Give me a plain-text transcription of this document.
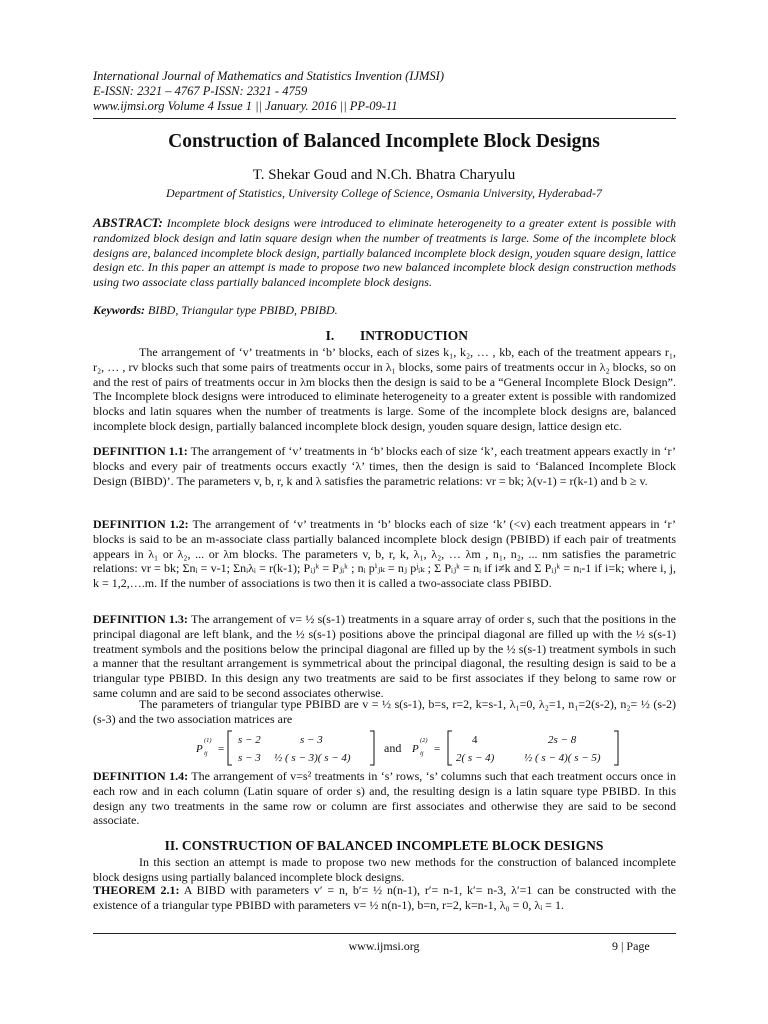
International Journal of Mathematics and Statistics Invention (IJMSI)
E-ISSN: 2321 – 4767 P-ISSN: 2321 - 4759
www.ijmsi.org Volume 4 Issue 1 || January. 2016 || PP-09-11
Construction of Balanced Incomplete Block Designs
T. Shekar Goud and N.Ch. Bhatra Charyulu
Department of Statistics, University College of Science, Osmania University, Hyderabad-7
ABSTRACT: Incomplete block designs were introduced to eliminate heterogeneity to a greater extent is possible with randomized block design and latin square design when the number of treatments is large. Some of the incomplete block designs are, balanced incomplete block design, partially balanced incomplete block design, youden square design, lattice design etc. In this paper an attempt is made to propose two new balanced incomplete block design construction methods using two associate class partially balanced incomplete block designs.
Keywords: BIBD, Triangular type PBIBD, PBIBD.
I. INTRODUCTION
The arrangement of ‘v’ treatments in ‘b’ blocks, each of sizes k₁, k₂, … , kb, each of the treatment appears r₁, r₂, … , rv blocks such that some pairs of treatments occur in λ₁ blocks, some pairs of treatments occur in λ₂ blocks, so on and the rest of pairs of treatments occur in λm blocks then the design is said to be a “General Incomplete Block Design”. The Incomplete block designs were introduced to eliminate heterogeneity to a greater extent is possible with randomized blocks and latin squares when the number of treatments is large. Some of the incomplete block designs are, balanced incomplete block design, partially balanced incomplete block design, youden square design, lattice design etc.
DEFINITION 1.1: The arrangement of ‘v’ treatments in ‘b’ blocks each of size ‘k’, each treatment appears exactly in ‘r’ blocks and every pair of treatments occurs exactly ‘λ’ times, then the design is said to ‘Balanced Incomplete Block Design (BIBD)’. The parameters v, b, r, k and λ satisfies the parametric relations: vr = bk; λ(v-1) = r(k-1) and b ≥ v.
DEFINITION 1.2: The arrangement of ‘v’ treatments in ‘b’ blocks each of size ‘k’ (<v) each treatment appears in ‘r’ blocks is said to be an m-associate class partially balanced incomplete block design (PBIBD) if each pair of treatments appears in λ₁ or λ₂, ... or λm blocks. The parameters v, b, r, k, λ₁, λ₂, … λm , n₁, n₂, ... nm satisfies the parametric relations: vr = bk; Σnᵢ = v-1; Σnᵢλᵢ = r(k-1); Pᵢⱼᵏ = Pⱼᵢᵏ ; nᵢ pⁱⱼₖ = nⱼ pʲᵢₖ ; Σ Pᵢⱼᵏ = nᵢ if i≠k and Σ Pᵢⱼᵏ = nᵢ-1 if i=k; where i, j, k = 1,2,….m. If the number of associations is two then it is called a two-associate class PBIBD.
DEFINITION 1.3: The arrangement of v= ½ s(s-1) treatments in a square array of order s, such that the positions in the principal diagonal are left blank, and the ½ s(s-1) positions above the principal diagonal are filled up with the ½ s(s-1) treatment symbols and the positions below the principal diagonal are filled up by the ½ s(s-1) treatment symbols in such a manner that the resultant arrangement is symmetrical about the principal diagonal, the resulting design is said to be a triangular type PBIBD. In this design any two treatments are said to be first associates if they belong to same row or same column and are said to be second associates otherwise.
The parameters of triangular type PBIBD are v = ½ s(s-1), b=s, r=2, k=s-1, λ₁=0, λ₂=1, n₁=2(s-2), n₂= ½ (s-2)(s-3) and the two association matrices are
P ij
(1)
=
s − 2	s − 3
s − 3 ½ ( s − 3)( s − 4)
and P ij
(2)
=
4	2s − 8
2( s − 4)	½ ( s − 4)( s − 5)
DEFINITION 1.4: The arrangement of v=s² treatments in ‘s’ rows, ‘s’ columns such that each treatment occurs once in each row and in each column (Latin square of order s) and, the resulting design is a latin square type PBIBD. In this design any two treatments in the same row or column are first associates and otherwise they are said to be second associate.
II. CONSTRUCTION OF BALANCED INCOMPLETE BLOCK DESIGNS
In this section an attempt is made to propose two new methods for the construction of balanced incomplete block designs using partially balanced incomplete block designs.
THEOREM 2.1: A BIBD with parameters v′ = n, b′= ½ n(n-1), r′= n-1, k′= n-3, λ′=1 can be constructed with the existence of a triangular type PBIBD with parameters v= ½ n(n-1), b=n, r=2, k=n-1, λ₀ = 0, λᵢ = 1.
www.ijmsi.org	9 | Page
